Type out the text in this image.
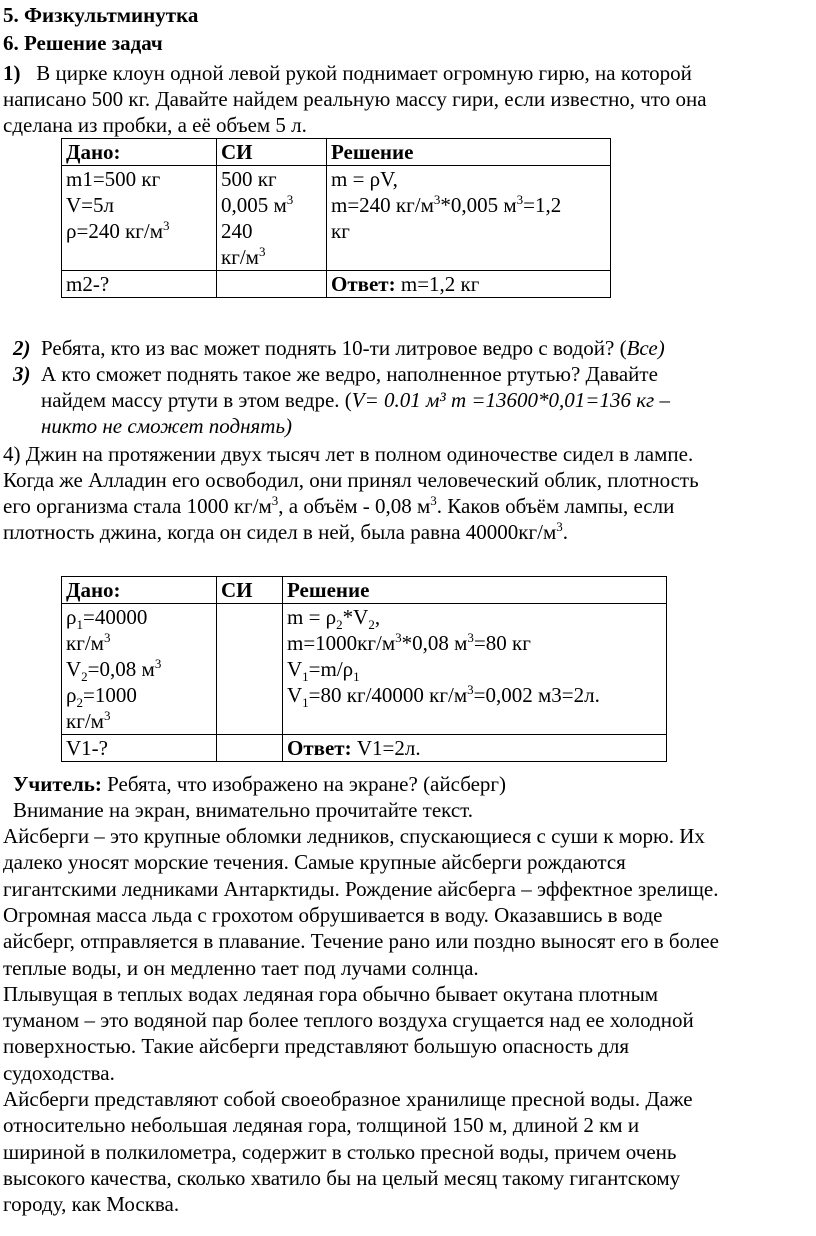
5. Физкультминутка
6. Решение задач
1) В цирке клоун одной левой рукой поднимает огромную гирю, на которой
написано 500 кг. Давайте найдем реальную массу гири, если известно, что она
сделана из пробки, а её объем 5 л.
Дано:	СИ	Решение

m1=500 кг
V=5л
ρ=240 $кг/м^3$	500 кг
0,005 $м^3$
240
$кг/м^3$	m = ρV,
m=240 $кг/м^3*0,005$ $м^3=1,2$
кг

m2-?		Ответ: m=1,2 кг
2) Ребята, кто из вас может поднять 10-ти литровое ведро с водой? (Все)
3) А кто сможет поднять такое же ведро, наполненное ртутью? Давайте
найдем массу ртути в этом ведре. (V= 0.01 м³ m =13600*0,01=136 кг –
никто не сможет поднять)
4) Джин на протяжении двух тысяч лет в полном одиночестве сидел в лампе.
Когда же Алладин его освободил, они принял человеческий облик, плотность
его организма стала 1000 $кг/м^3$, а объём - 0,08 $м^3$. Каков объём лампы, если
плотность джина, когда он сидел в ней, была равна $40000кг/м^3$.
Дано:	СИ	Решение

$\rho_1=40000$
$кг/м^3$
$V_2=0,08$ $м^3$
$\rho_2=1000$
$кг/м^3$		$m = \rho_2*V_2$,
$m=1000кг/м^3*0,08$ $м^3=80$ кг
$V_1=m/\rho_1$
$V_1=80$ кг/40000 $кг/м^3=0,002$ м3=2л.

V1-?		Ответ: V1=2л.
Учитель: Ребята, что изображено на экране? (айсберг)
Внимание на экран, внимательно прочитайте текст.
Айсберги – это крупные обломки ледников, спускающиеся с суши к морю. Их
далеко уносят морские течения. Самые крупные айсберги рождаются
гигантскими ледниками Антарктиды. Рождение айсберга – эффектное зрелище.
Огромная масса льда с грохотом обрушивается в воду. Оказавшись в воде
айсберг, отправляется в плавание. Течение рано или поздно выносят его в более
теплые воды, и он медленно тает под лучами солнца.
Плывущая в теплых водах ледяная гора обычно бывает окутана плотным
туманом – это водяной пар более теплого воздуха сгущается над ее холодной
поверхностью. Такие айсберги представляют большую опасность для
судоходства.
Айсберги представляют собой своеобразное хранилище пресной воды. Даже
относительно небольшая ледяная гора, толщиной 150 м, длиной 2 км и
шириной в полкилометра, содержит в столько пресной воды, причем очень
высокого качества, сколько хватило бы на целый месяц такому гигантскому
городу, как Москва.
